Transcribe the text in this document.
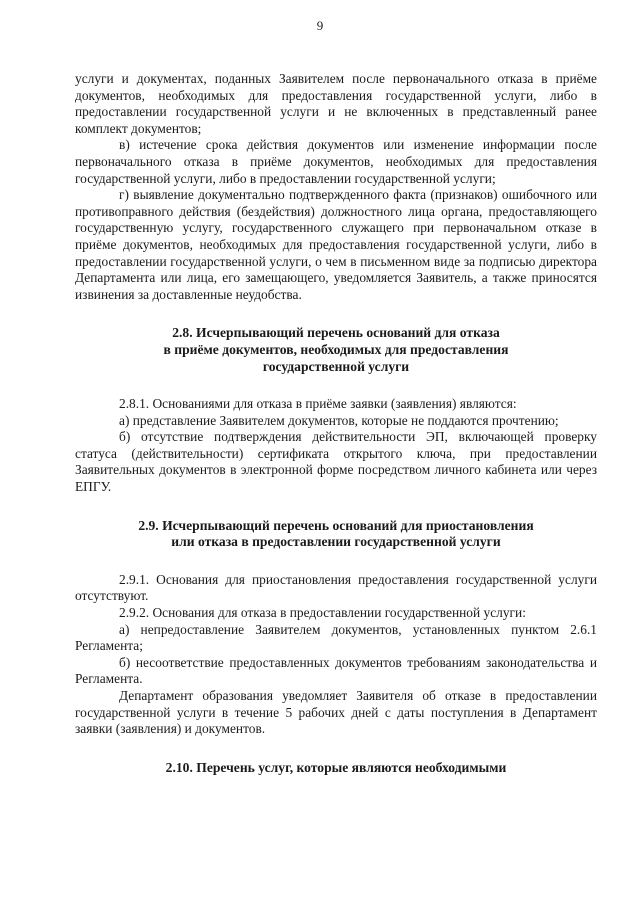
9

услуги и документах, поданных Заявителем после первоначального отказа в приёме документов, необходимых для предоставления государственной услуги, либо в предоставлении государственной услуги и не включенных в представленный ранее комплект документов;

в) истечение срока действия документов или изменение информации после первоначального отказа в приёме документов, необходимых для предоставления государственной услуги, либо в предоставлении государственной услуги;

г) выявление документально подтвержденного факта (признаков) ошибочного или противоправного действия (бездействия) должностного лица органа, предоставляющего государственную услугу, государственного служащего при первоначальном отказе в приёме документов, необходимых для предоставления государственной услуги, либо в предоставлении государственной услуги, о чем в письменном виде за подписью директора Департамента или лица, его замещающего, уведомляется Заявитель, а также приносятся извинения за доставленные неудобства.

2.8. Исчерпывающий перечень оснований для отказа
в приёме документов, необходимых для предоставления
государственной услуги

2.8.1. Основаниями для отказа в приёме заявки (заявления) являются:

а) представление Заявителем документов, которые не поддаются прочтению;

б) отсутствие подтверждения действительности ЭП, включающей проверку статуса (действительности) сертификата открытого ключа, при предоставлении Заявительных документов в электронной форме посредством личного кабинета или через ЕПГУ.

2.9. Исчерпывающий перечень оснований для приостановления
или отказа в предоставлении государственной услуги

2.9.1. Основания для приостановления предоставления государственной услуги отсутствуют.

2.9.2. Основания для отказа в предоставлении государственной услуги:

а) непредоставление Заявителем документов, установленных пунктом 2.6.1 Регламента;

б) несоответствие предоставленных документов требованиям законодательства и Регламента.

Департамент образования уведомляет Заявителя об отказе в предоставлении государственной услуги в течение 5 рабочих дней с даты поступления в Департамент заявки (заявления) и документов.

2.10. Перечень услуг, которые являются необходимыми
